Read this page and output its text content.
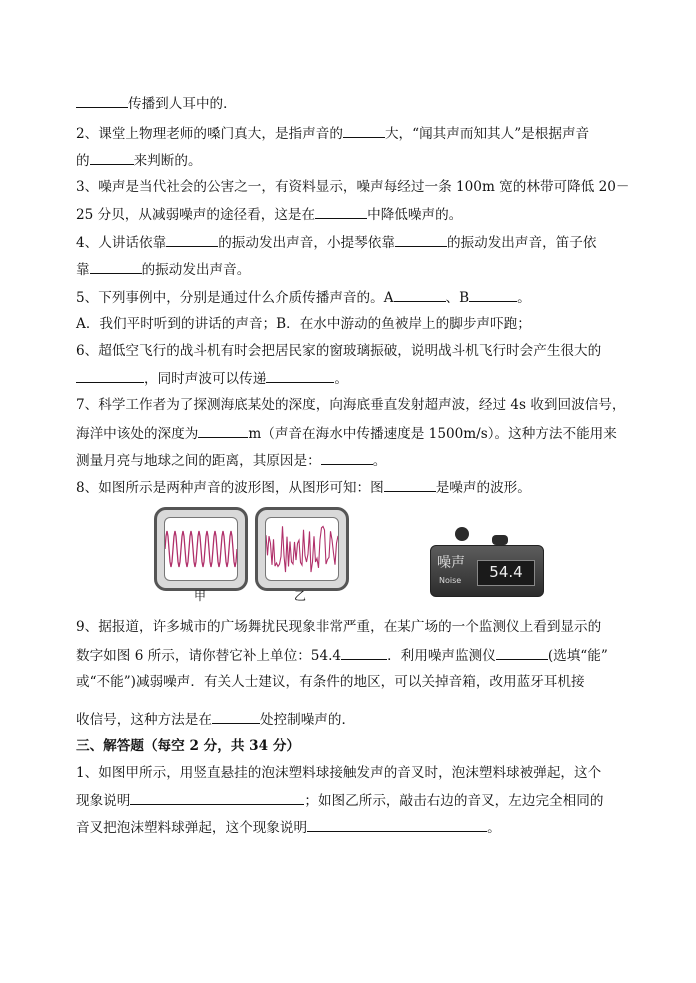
传播到人耳中的．
2、课堂上物理老师的嗓门真大，是指声音的	大，“闻其声而知其人”是根据声音
的	来判断的。
3、噪声是当代社会的公害之一，有资料显示，噪声每经过一条 100m 宽的林带可降低 20－
25 分贝，从减弱噪声的途径看，这是在	中降低噪声的。
4、人讲话依靠	的振动发出声音，小提琴依靠	的振动发出声音，笛子依
靠	的振动发出声音。
5、下列事例中，分别是通过什么介质传播声音的。A	、B	。
A．我们平时听到的讲话的声音；B．在水中游动的鱼被岸上的脚步声吓跑；
6、超低空飞行的战斗机有时会把居民家的窗玻璃振破，说明战斗机飞行时会产生很大的
，同时声波可以传递	。
7、科学工作者为了探测海底某处的深度，向海底垂直发射超声波，经过 4s 收到回波信号，
海洋中该处的深度为	m（声音在海水中传播速度是 1500m/s）。这种方法不能用来
测量月亮与地球之间的距离，其原因是：	。
8、如图所示是两种声音的波形图，从图形可知：图	是噪声的波形。
甲	乙
噪声
Noise	54.4
9、据报道，许多城市的广场舞扰民现象非常严重，在某广场的一个监测仪上看到显示的
数字如图 6 所示，请你替它补上单位：54.4	．利用噪声监测仪	(选填“能”
或“不能”)减弱噪声．有关人士建议，有条件的地区，可以关掉音箱，改用蓝牙耳机接
收信号，这种方法是在	处控制噪声的．
三、解答题（每空 2 分，共 34 分）
1、如图甲所示，用竖直悬挂的泡沫塑料球接触发声的音叉时，泡沫塑料球被弹起，这个
现象说明	；如图乙所示，敲击右边的音叉，左边完全相同的
音叉把泡沫塑料球弹起，这个现象说明	。
